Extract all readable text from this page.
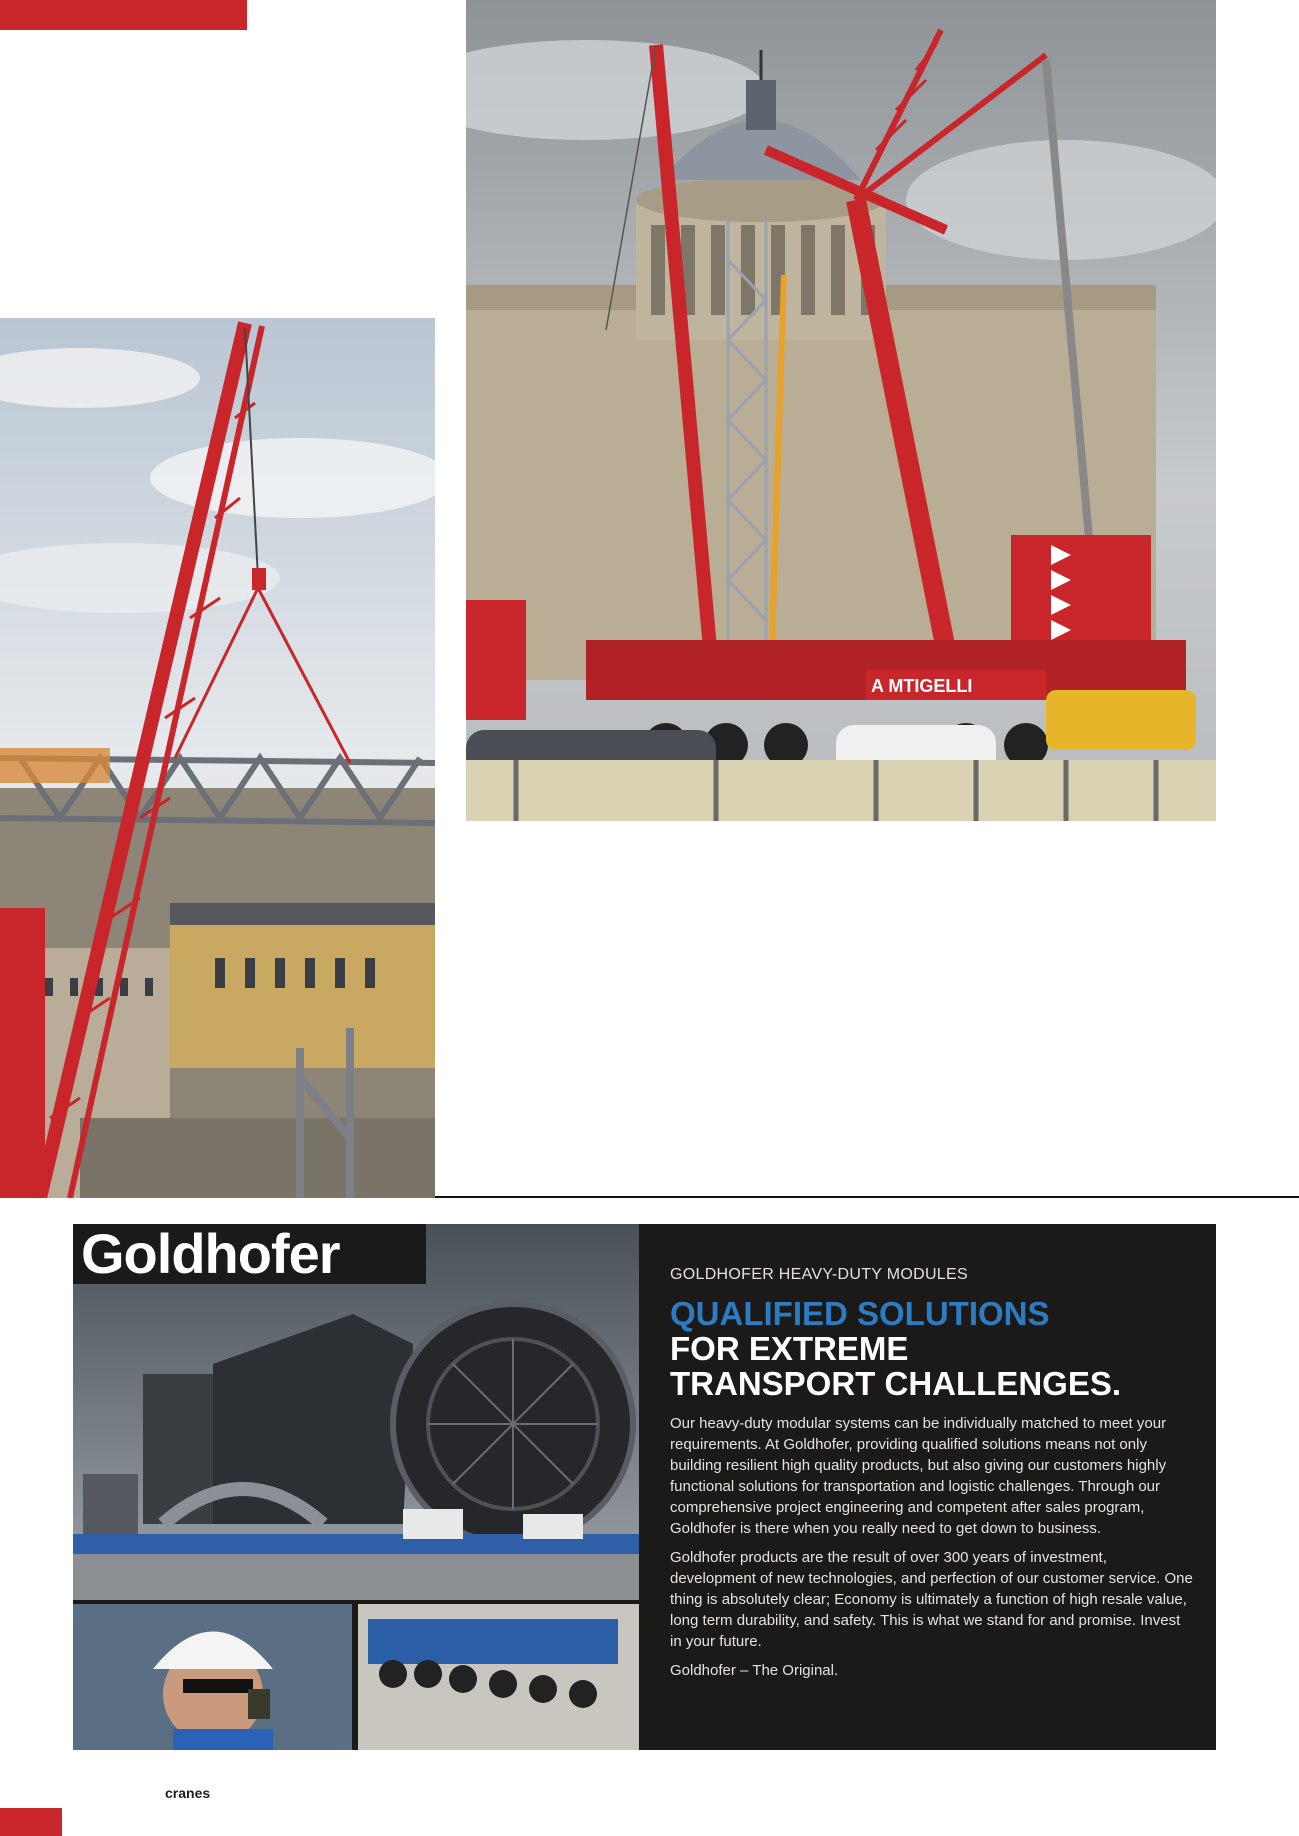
A MTIGELLI
Goldhofer	GOLDHOFER HEAVY-DUTY MODULES

QUALIFIED SOLUTIONS
FOR EXTREME
TRANSPORT CHALLENGES.

Our heavy-duty modular systems can be individually matched to meet your requirements. At Goldhofer, providing qualified solutions means not only building resilient high quality products, but also giving our customers highly functional solutions for transportation and logistic challenges. Through our comprehensive project engineering and competent after sales program, Goldhofer is there when you really need to get down to business.

Goldhofer products are the result of over 300 years of investment, development of new technologies, and perfection of our customer service. One thing is absolutely clear; Economy is ultimately a function of high resale value, long term durability, and safety. This is what we stand for and promise. Invest in your future.

Goldhofer – The Original.

cranes
